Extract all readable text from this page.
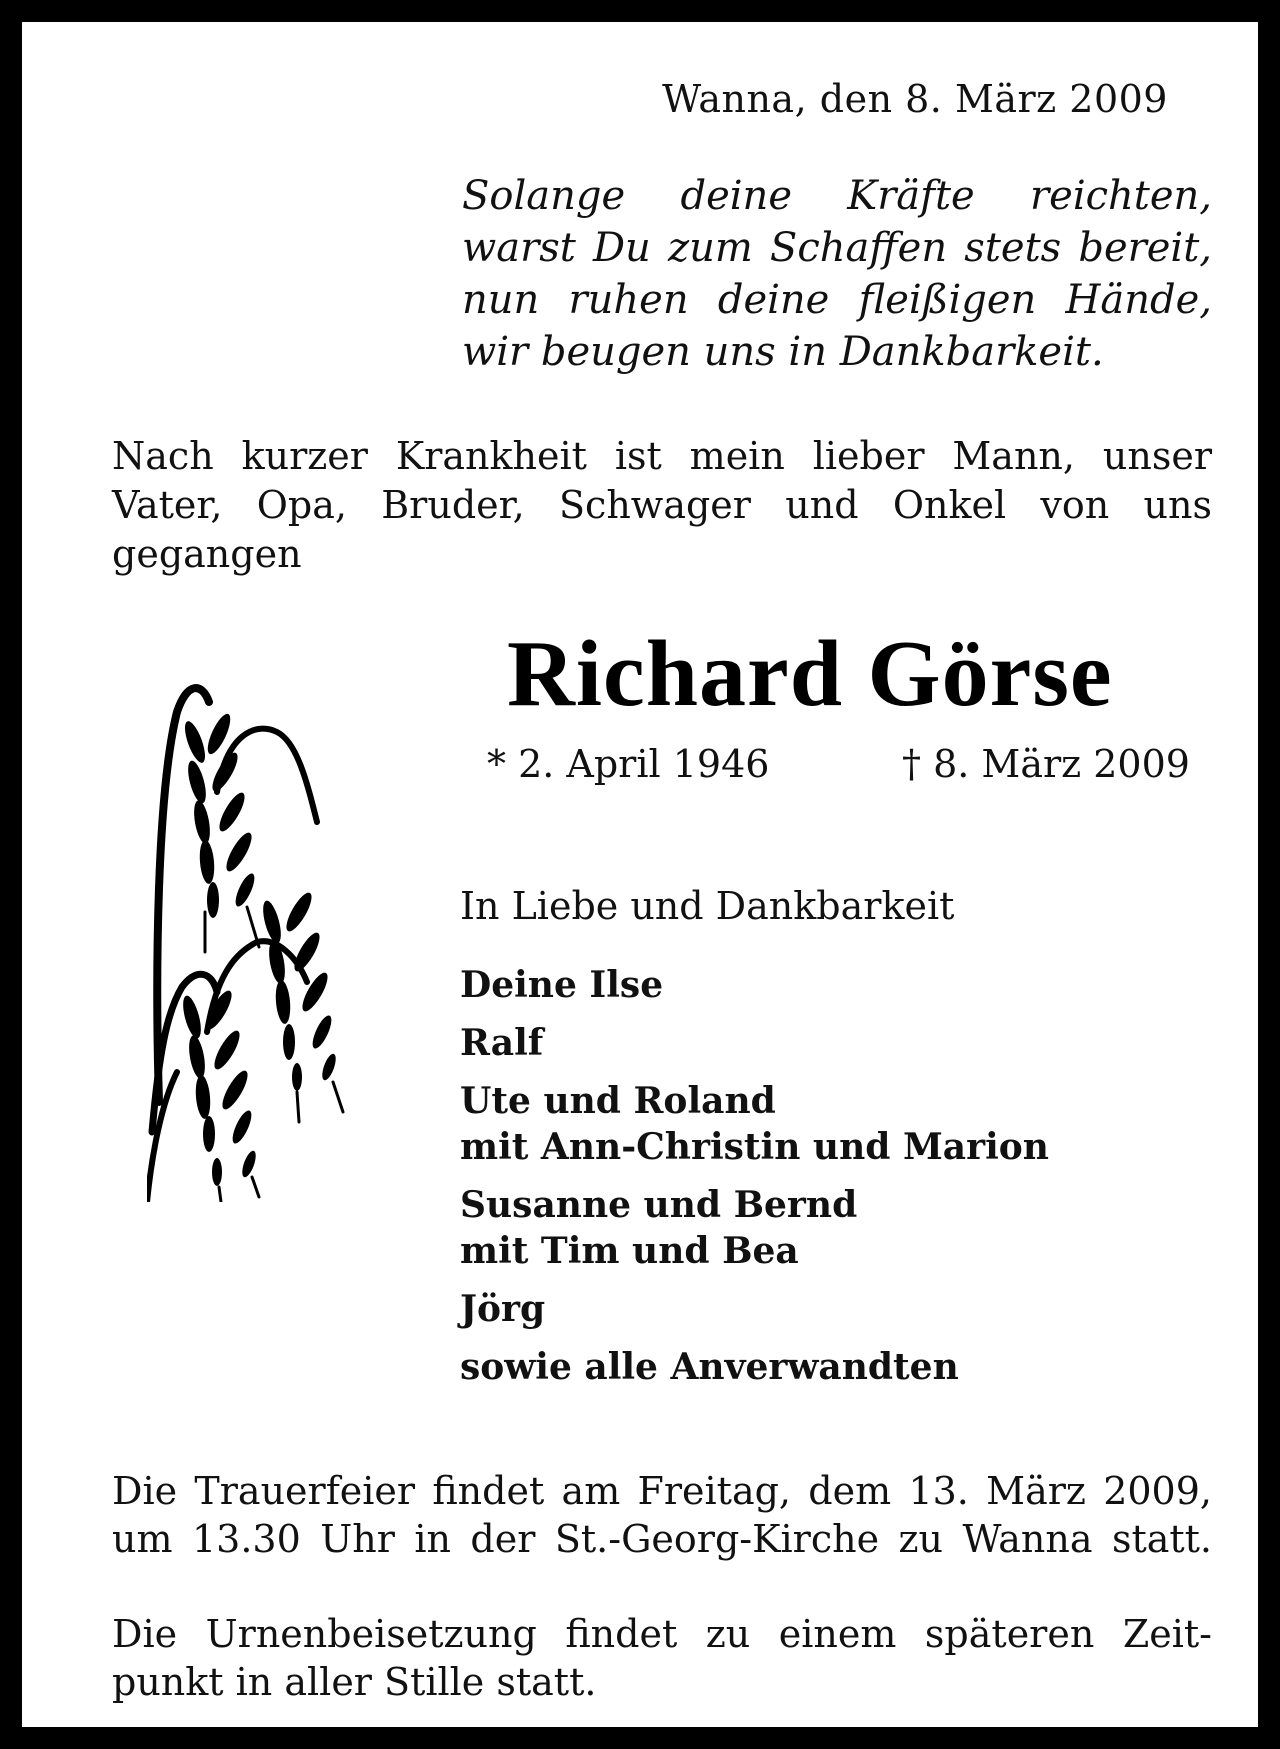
Wanna, den 8. März 2009
Solange deine Kräfte reichten,
warst Du zum Schaffen stets bereit,
nun ruhen deine fleißigen Hände,
wir beugen uns in Dankbarkeit.
Nach kurzer Krankheit ist mein lieber Mann, unser
Vater, Opa, Bruder, Schwager und Onkel von uns
gegangen
Richard Görse
* 2. April 1946	† 8. März 2009
In Liebe und Dankbarkeit
Deine Ilse
Ralf
Ute und Roland
mit Ann-Christin und Marion
Susanne und Bernd
mit Tim und Bea
Jörg
sowie alle Anverwandten
Die Trauerfeier findet am Freitag, dem 13. März 2009,
um 13.30 Uhr in der St.-Georg-Kirche zu Wanna statt.
Die Urnenbeisetzung findet zu einem späteren Zeit-
punkt in aller Stille statt.
